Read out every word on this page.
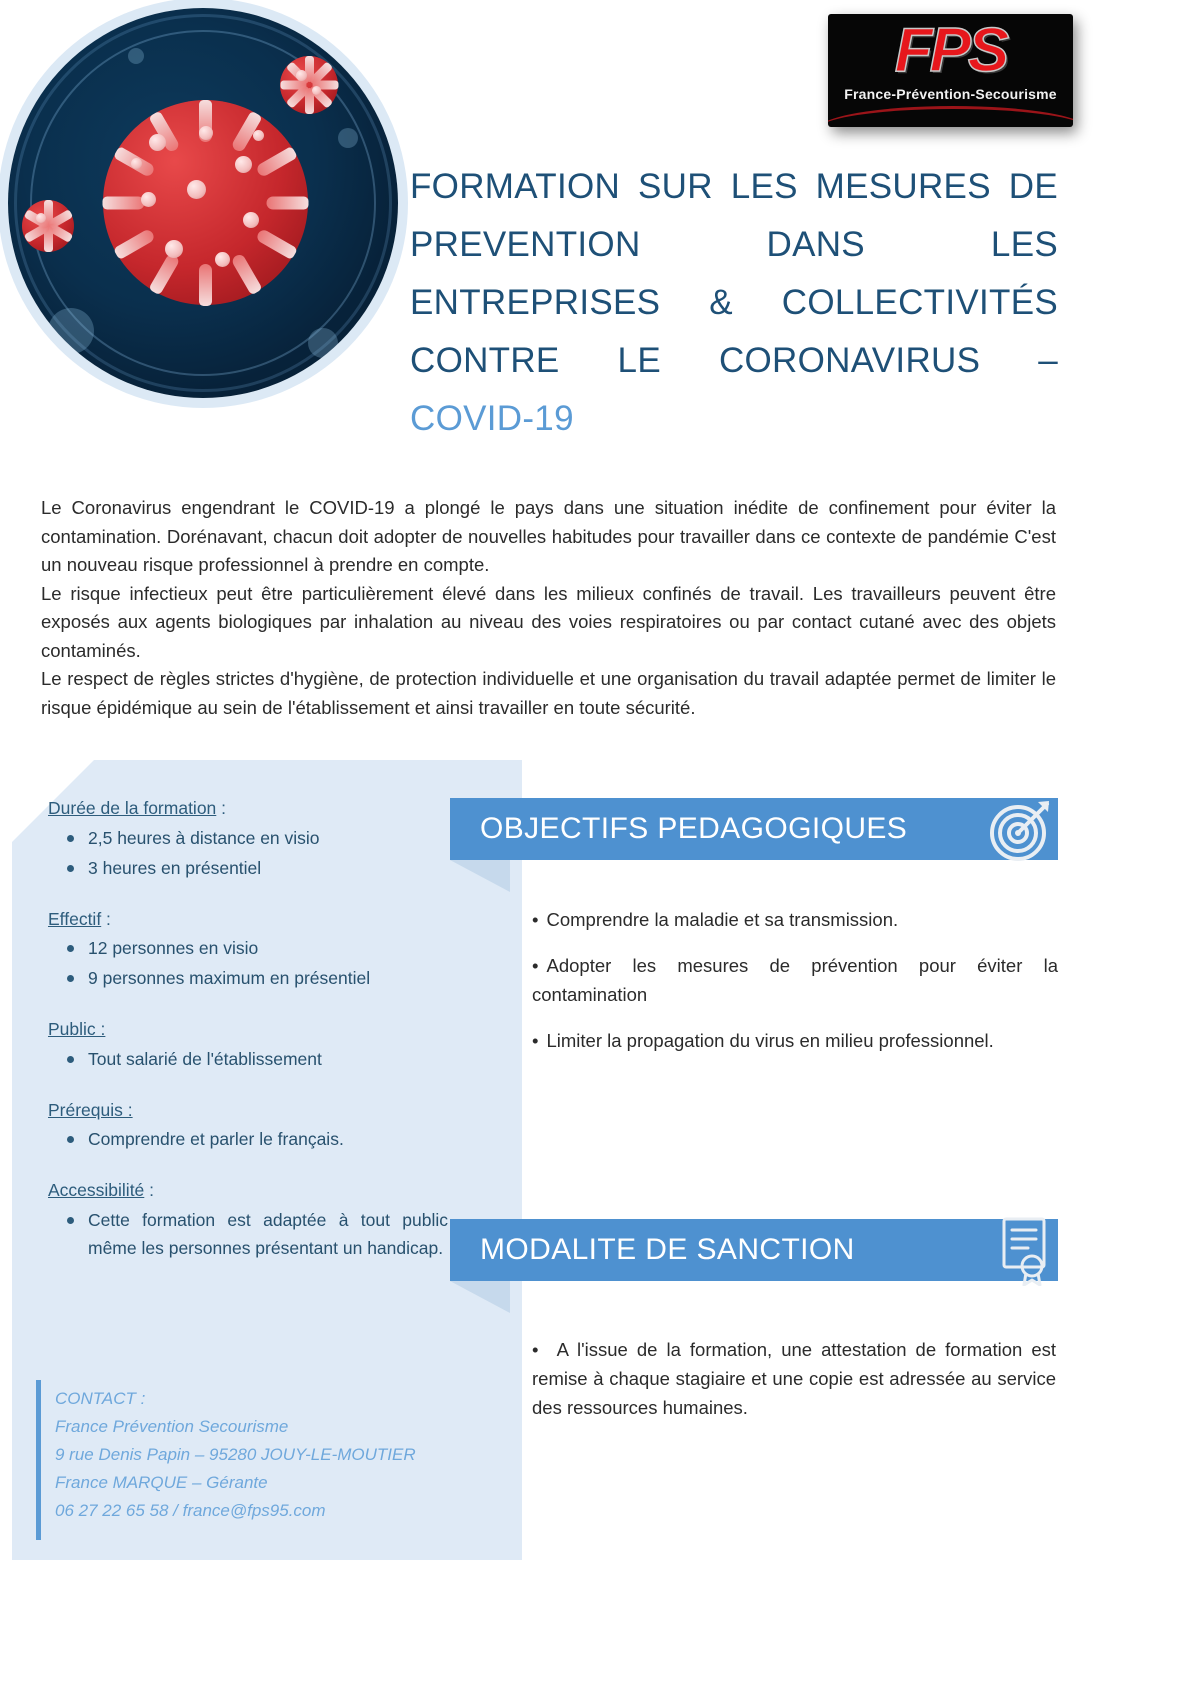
FPS
France-Prévention-Secourisme
FORMATION SUR LES MESURES DE PREVENTION DANS LES ENTREPRISES & COLLECTIVITÉS CONTRE LE CORONAVIRUS –
COVID-19

Le Coronavirus engendrant le COVID-19 a plongé le pays dans une situation inédite de confinement pour éviter la contamination. Dorénavant, chacun doit adopter de nouvelles habitudes pour travailler dans ce contexte de pandémie C'est un nouveau risque professionnel à prendre en compte.

Le risque infectieux peut être particulièrement élevé dans les milieux confinés de travail. Les travailleurs peuvent être exposés aux agents biologiques par inhalation au niveau des voies respiratoires ou par contact cutané avec des objets contaminés.

Le respect de règles strictes d'hygiène, de protection individuelle et une organisation du travail adaptée permet de limiter le risque épidémique au sein de l'établissement et ainsi travailler en toute sécurité.

Durée de la formation :
2,5 heures à distance en visio
3 heures en présentiel
Effectif :
12 personnes en visio
9 personnes maximum en présentiel
Public :
Tout salarié de l'établissement
Prérequis :
Comprendre et parler le français.
Accessibilité :
Cette formation est adaptée à tout public même les personnes présentant un handicap.
CONTACT :
France Prévention Secourisme
9 rue Denis Papin – 95280 JOUY-LE-MOUTIER
France MARQUE – Gérante
06 27 22 65 58 / france@fps95.com
OBJECTIFS PEDAGOGIQUES
• Comprendre la maladie et sa transmission.
• Adopter les mesures de prévention pour éviter la contamination
• Limiter la propagation du virus en milieu professionnel.
MODALITE DE SANCTION
• A l'issue de la formation, une attestation de formation est remise à chaque stagiaire et une copie est adressée au service des ressources humaines.
